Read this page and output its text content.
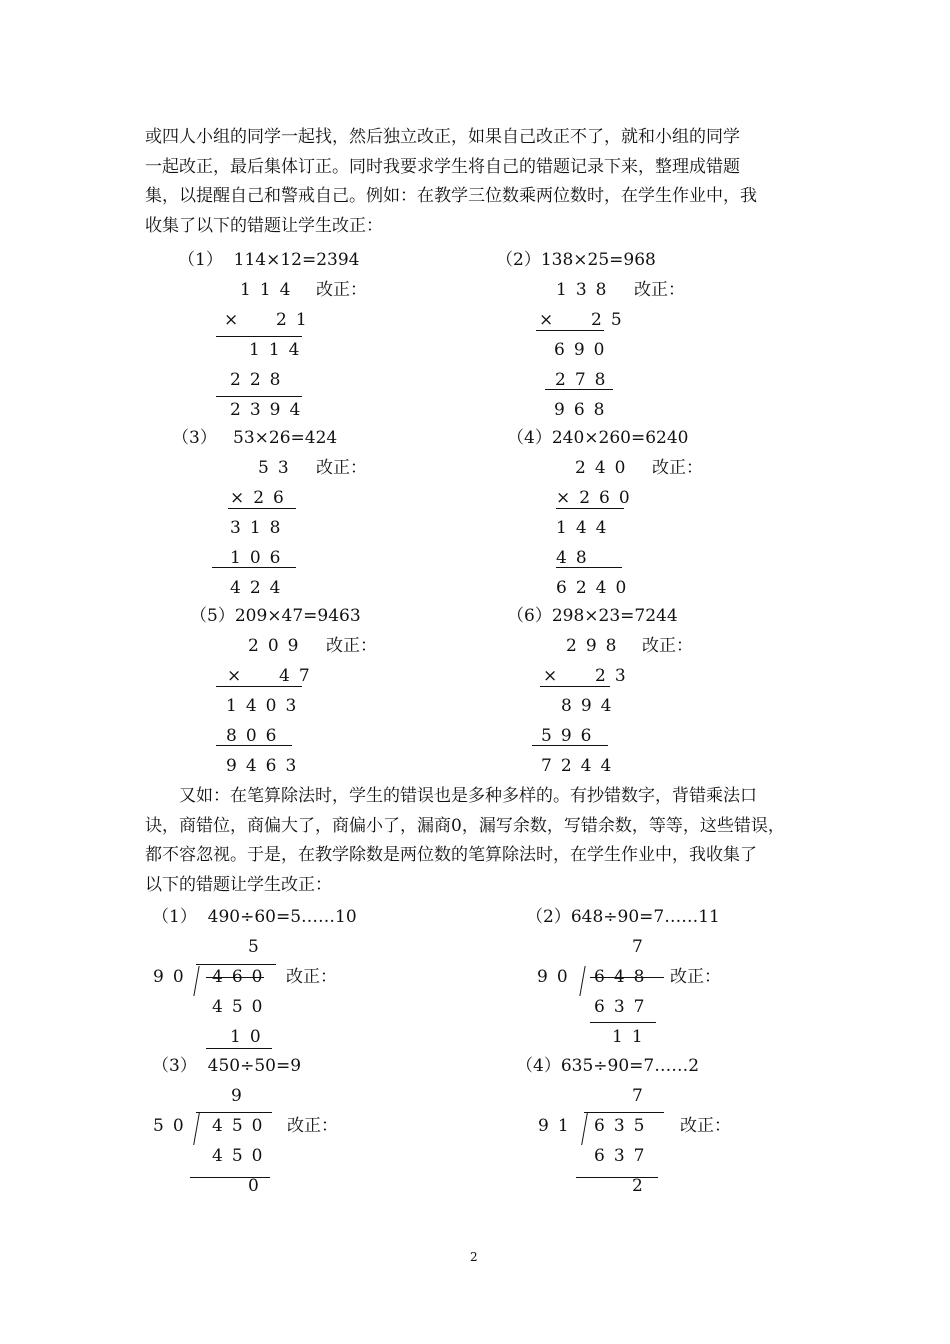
或四人小组的同学一起找，然后独立改正，如果自己改正不了，就和小组的同学
一起改正，最后集体订正。同时我要求学生将自己的错题记录下来，整理成错题
集，以提醒自己和警戒自己。例如：在教学三位数乘两位数时，在学生作业中，我
收集了以下的错题让学生改正：
（1）  114×12=2394
114 改正：
×  21
114
228
2394
（2）138×25=968
138 改正：
×  25
690
278
968
（3）   53×26=424
53 改正：
×26
318
106
424
（4）240×260=6240
240 改正：
×260
144
48
6240
（5）209×47=9463
209 改正：
×  47
1403
806
9463
（6）298×23=7244
298 改正：
×  23
894
596
7244
又如：在笔算除法时，学生的错误也是多种多样的。有抄错数字，背错乘法口
诀，商错位，商偏大了，商偏小了，漏商0，漏写余数，写错余数，等等，这些错误，
都不容忽视。于是，在教学除数是两位数的笔算除法时，在学生作业中，我收集了
以下的错题让学生改正：
（1）  490÷60=5……10
5
90 460 改正：
450
10
（2）648÷90=7……11
7
90 648 改正：
637
11
（3）  450÷50=9
9
50 450 改正：
450
0
（4）635÷90=7……2
7
91 635 改正：
637
2
2
